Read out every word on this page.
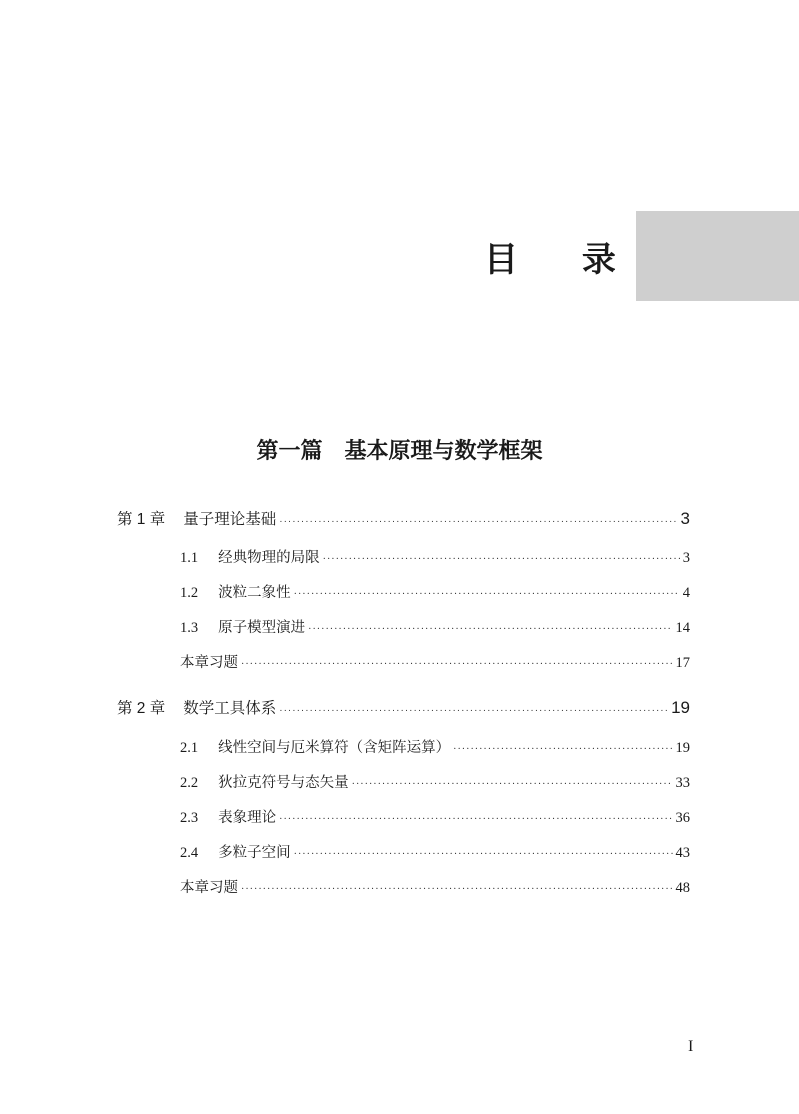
目 录
第一篇　基本原理与数学框架
第 1 章 量子理论基础 ·····	3
1.1 经典物理的局限 ·····	3
1.2 波粒二象性 ·····	4
1.3 原子模型演进 ·····	14
本章习题 ·····	17
第 2 章 数学工具体系 ·····	19
2.1 线性空间与厄米算符（含矩阵运算） ·····	19
2.2 狄拉克符号与态矢量 ·····	33
2.3 表象理论 ·····	36
2.4 多粒子空间 ·····	43
本章习题 ·····	48
I
